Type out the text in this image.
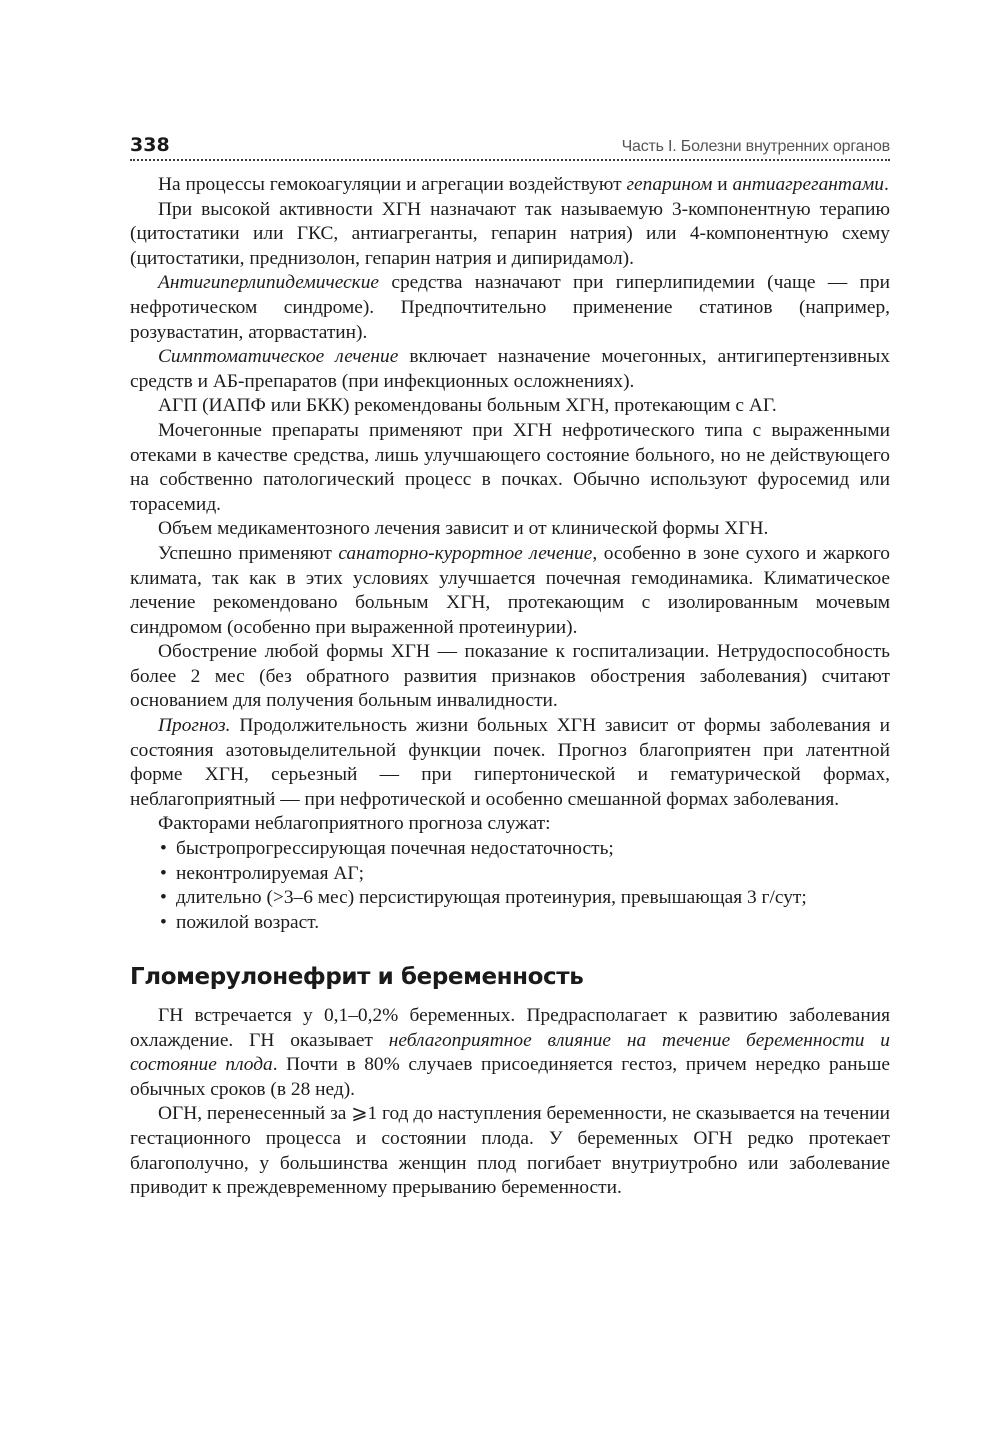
338	Часть I. Болезни внутренних органов

На процессы гемокоагуляции и агрегации воздействуют гепарином и антиагрегантами.

При высокой активности ХГН назначают так называемую 3-компонентную терапию (цитостатики или ГКС, антиагреганты, гепарин натрия) или 4-компонентную схему (цитостатики, преднизолон, гепарин натрия и дипиридамол).

Антигиперлипидемические средства назначают при гиперлипидемии (чаще — при нефротическом синдроме). Предпочтительно применение статинов (например, розувастатин, аторвастатин).

Симптоматическое лечение включает назначение мочегонных, антигипертензивных средств и АБ-препаратов (при инфекционных осложнениях).

АГП (ИАПФ или БКК) рекомендованы больным ХГН, протекающим с АГ.

Мочегонные препараты применяют при ХГН нефротического типа с выраженными отеками в качестве средства, лишь улучшающего состояние больного, но не действующего на собственно патологический процесс в почках. Обычно используют фуросемид или торасемид.

Объем медикаментозного лечения зависит и от клинической формы ХГН.

Успешно применяют санаторно-курортное лечение, особенно в зоне сухого и жаркого климата, так как в этих условиях улучшается почечная гемодинамика. Климатическое лечение рекомендовано больным ХГН, протекающим с изолированным мочевым синдромом (особенно при выраженной протеинурии).

Обострение любой формы ХГН — показание к госпитализации. Нетрудоспособность более 2 мес (без обратного развития признаков обострения заболевания) считают основанием для получения больным инвалидности.

Прогноз. Продолжительность жизни больных ХГН зависит от формы заболевания и состояния азотовыделительной функции почек. Прогноз благоприятен при латентной форме ХГН, серьезный — при гипертонической и гематурической формах, неблагоприятный — при нефротической и особенно смешанной формах заболевания.

Факторами неблагоприятного прогноза служат:

• быстропрогрессирующая почечная недостаточность;
• неконтролируемая АГ;
• длительно (>3–6 мес) персистирующая протеинурия, превышающая 3 г/сут;
• пожилой возраст.
Гломерулонефрит и беременность

ГН встречается у 0,1–0,2% беременных. Предрасполагает к развитию заболевания охлаждение. ГН оказывает неблагоприятное влияние на течение беременности и состояние плода. Почти в 80% случаев присоединяется гестоз, причем нередко раньше обычных сроков (в 28 нед).

ОГН, перенесенный за ⩾1 год до наступления беременности, не сказывается на течении гестационного процесса и состоянии плода. У беременных ОГН редко протекает благополучно, у большинства женщин плод погибает внутриутробно или заболевание приводит к преждевременному прерыванию беременности.
